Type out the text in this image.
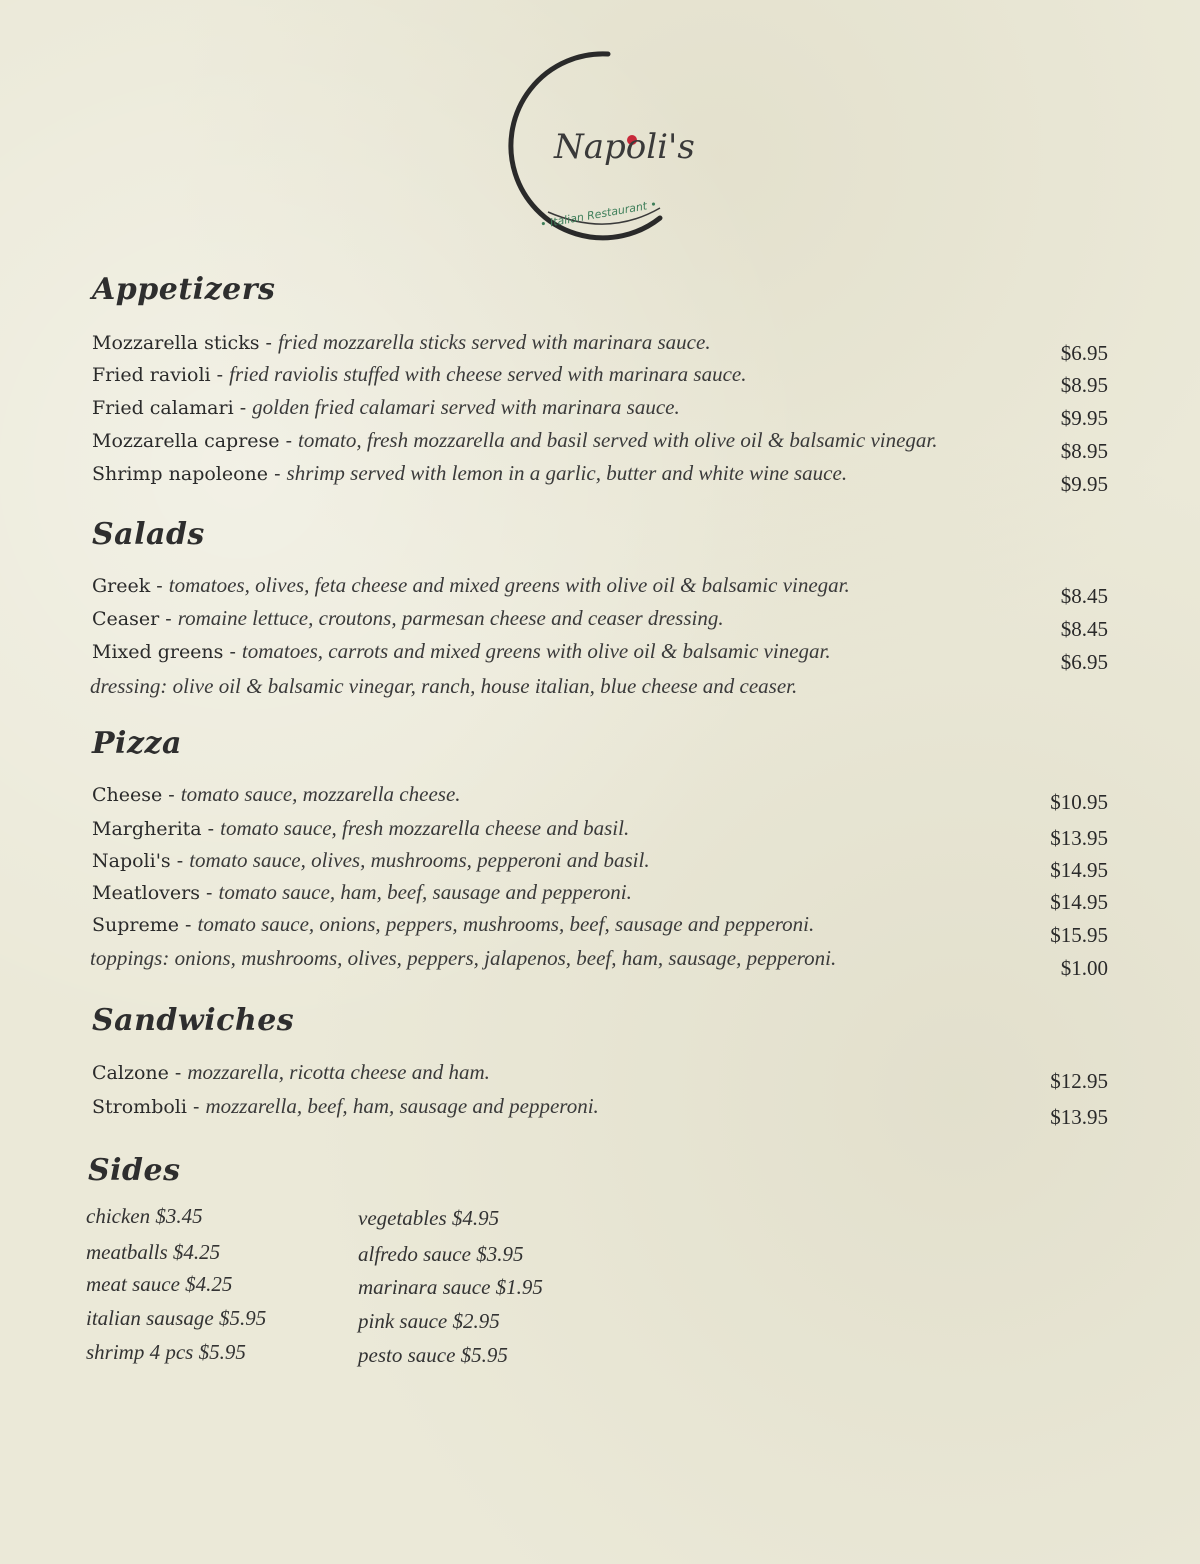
Napoli's
• Italian Restaurant •
Appetizers
Mozzarella sticks - fried mozzarella sticks served with marinara sauce.	$6.95
Fried ravioli - fried raviolis stuffed with cheese served with marinara sauce.	$8.95
Fried calamari - golden fried calamari served with marinara sauce.	$9.95
Mozzarella caprese - tomato, fresh mozzarella and basil served with olive oil & balsamic vinegar.	$8.95
Shrimp napoleone - shrimp served with lemon in a garlic, butter and white wine sauce.	$9.95
Salads
Greek - tomatoes, olives, feta cheese and mixed greens with olive oil & balsamic vinegar.	$8.45
Ceaser - romaine lettuce, croutons, parmesan cheese and ceaser dressing.	$8.45
Mixed greens - tomatoes, carrots and mixed greens with olive oil & balsamic vinegar.	$6.95
dressing: olive oil & balsamic vinegar, ranch, house italian, blue cheese and ceaser.
Pizza
Cheese - tomato sauce, mozzarella cheese.	$10.95
Margherita - tomato sauce, fresh mozzarella cheese and basil.	$13.95
Napoli's - tomato sauce, olives, mushrooms, pepperoni and basil.	$14.95
Meatlovers - tomato sauce, ham, beef, sausage and pepperoni.	$14.95
Supreme - tomato sauce, onions, peppers, mushrooms, beef, sausage and pepperoni.	$15.95
toppings: onions, mushrooms, olives, peppers, jalapenos, beef, ham, sausage, pepperoni.	$1.00
Sandwiches
Calzone - mozzarella, ricotta cheese and ham.	$12.95
Stromboli - mozzarella, beef, ham, sausage and pepperoni.	$13.95
Sides
chicken $3.45
meatballs $4.25
meat sauce $4.25
italian sausage $5.95
shrimp 4 pcs $5.95
vegetables $4.95
alfredo sauce $3.95
marinara sauce $1.95
pink sauce $2.95
pesto sauce $5.95
